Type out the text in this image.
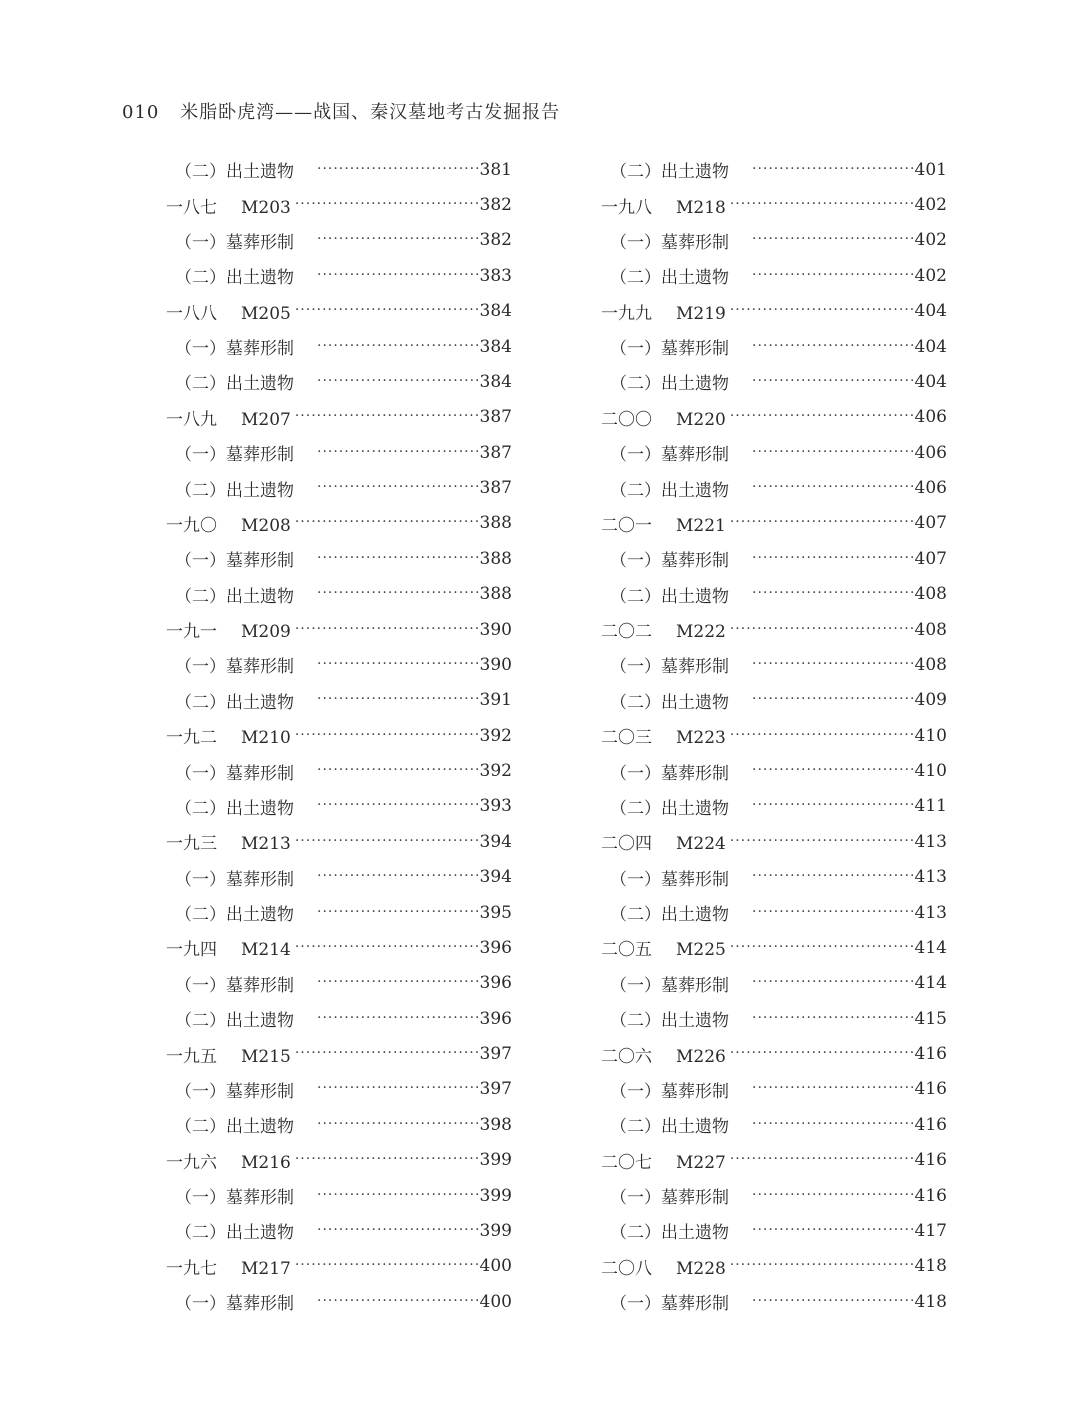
010 米脂卧虎湾——战国、秦汉墓地考古发掘报告
（二）出土遗物 ·····	381
一八七 M203 ·····	382
（一）墓葬形制 ·····	382
（二）出土遗物 ·····	383
一八八 M205 ·····	384
（一）墓葬形制 ·····	384
（二）出土遗物 ·····	384
一八九 M207 ·····	387
（一）墓葬形制 ·····	387
（二）出土遗物 ·····	387
一九〇 M208 ·····	388
（一）墓葬形制 ·····	388
（二）出土遗物 ·····	388
一九一 M209 ·····	390
（一）墓葬形制 ·····	390
（二）出土遗物 ·····	391
一九二 M210 ·····	392
（一）墓葬形制 ·····	392
（二）出土遗物 ·····	393
一九三 M213 ·····	394
（一）墓葬形制 ·····	394
（二）出土遗物 ·····	395
一九四 M214 ·····	396
（一）墓葬形制 ·····	396
（二）出土遗物 ·····	396
一九五 M215 ·····	397
（一）墓葬形制 ·····	397
（二）出土遗物 ·····	398
一九六 M216 ·····	399
（一）墓葬形制 ·····	399
（二）出土遗物 ·····	399
一九七 M217 ·····	400
（一）墓葬形制 ·····	400
（二）出土遗物 ·····	401
一九八 M218 ·····	402
（一）墓葬形制 ·····	402
（二）出土遗物 ·····	402
一九九 M219 ·····	404
（一）墓葬形制 ·····	404
（二）出土遗物 ·····	404
二〇〇 M220 ·····	406
（一）墓葬形制 ·····	406
（二）出土遗物 ·····	406
二〇一 M221 ·····	407
（一）墓葬形制 ·····	407
（二）出土遗物 ·····	408
二〇二 M222 ·····	408
（一）墓葬形制 ·····	408
（二）出土遗物 ·····	409
二〇三 M223 ·····	410
（一）墓葬形制 ·····	410
（二）出土遗物 ·····	411
二〇四 M224 ·····	413
（一）墓葬形制 ·····	413
（二）出土遗物 ·····	413
二〇五 M225 ·····	414
（一）墓葬形制 ·····	414
（二）出土遗物 ·····	415
二〇六 M226 ·····	416
（一）墓葬形制 ·····	416
（二）出土遗物 ·····	416
二〇七 M227 ·····	416
（一）墓葬形制 ·····	416
（二）出土遗物 ·····	417
二〇八 M228 ·····	418
（一）墓葬形制 ·····	418
